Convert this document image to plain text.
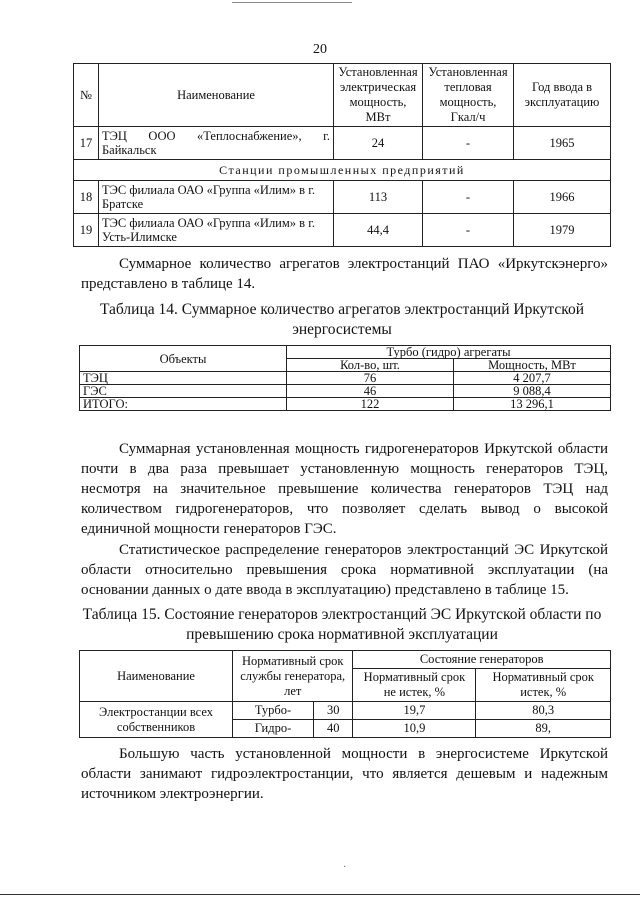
20
№	Наименование	Установленная электрическая мощность, МВт	Установленная тепловая мощность, Гкал/ч	Год ввода в эксплуатацию
17	ТЭЦ ООО «Теплоснабжение», г. Байкальск	24	-	1965
Станции промышленных предприятий				
18	ТЭС филиала ОАО «Группа «Илим» в г. Братске	113	-	1966
19	ТЭС филиала ОАО «Группа «Илим» в г. Усть-Илимске	44,4	-	1979
Суммарное количество агрегатов электростанций ПАО «Иркутскэнерго» представлено в таблице 14.
Таблица 14. Суммарное количество агрегатов электростанций Иркутской энергосистемы
Объекты	Турбо (гидро) агрегаты	
	Кол-во, шт.	Мощность, МВт
ТЭЦ	76	4 207,7
ГЭС	46	9 088,4
ИТОГО:	122	13 296,1
Суммарная установленная мощность гидрогенераторов Иркутской области почти в два раза превышает установленную мощность генераторов ТЭЦ, несмотря на значительное превышение количества генераторов ТЭЦ над количеством гидрогенераторов, что позволяет сделать вывод о высокой единичной мощности генераторов ГЭС.
Статистическое распределение генераторов электростанций ЭС Иркутской области относительно превышения срока нормативной эксплуатации (на основании данных о дате ввода в эксплуатацию) представлено в таблице 15.
Таблица 15. Состояние генераторов электростанций ЭС Иркутской области по превышению срока нормативной эксплуатации
Наименование	Нормативный срок службы генератора, лет		Состояние генераторов	
			Нормативный срок не истек, %	Нормативный срок истек, %
Электростанции всех
собственников	Турбо-	30	19,7	80,3
	Гидро-	40	10,9	89,
Большую часть установленной мощности в энергосистеме Иркутской области занимают гидроэлектростанции, что является дешевым и надежным источником электроэнергии.
·
